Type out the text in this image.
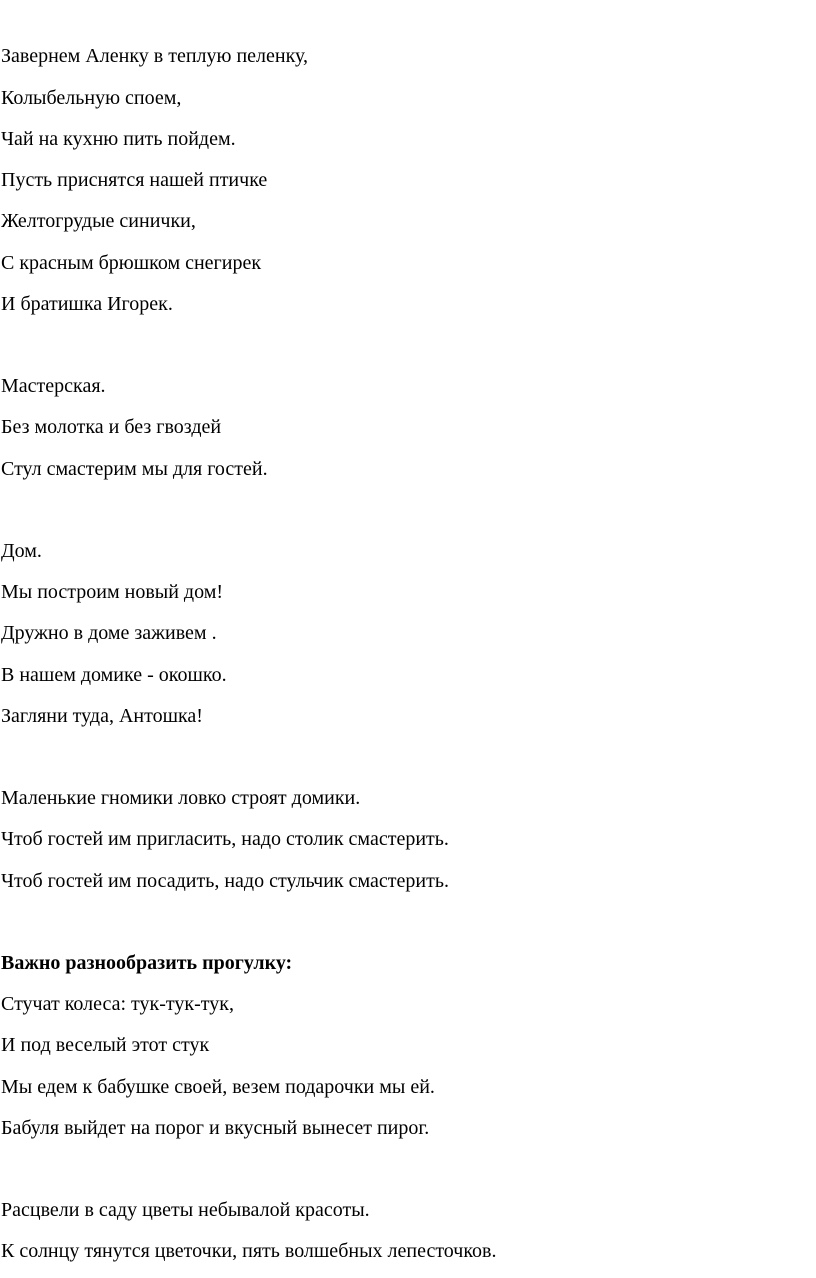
Завернем Аленку в теплую пеленку,
Колыбельную споем,
Чай на кухню пить пойдем.
Пусть приснятся нашей птичке
Желтогрудые синички,
С красным брюшком снегирек
И братишка Игорек.
Мастерская.
Без молотка и без гвоздей
Стул смастерим мы для гостей.
Дом.
Мы построим новый дом!
Дружно в доме заживем .
В нашем домике - окошко.
Загляни туда, Антошка!
Маленькие гномики ловко строят домики.
Чтоб гостей им пригласить, надо столик смастерить.
Чтоб гостей им посадить, надо стульчик смастерить.
Важно разнообразить прогулку:
Стучат колеса: тук-тук-тук,
И под веселый этот стук
Мы едем к бабушке своей, везем подарочки мы ей.
Бабуля выйдет на порог и вкусный вынесет пирог.
Расцвели в саду цветы небывалой красоты.
К солнцу тянутся цветочки, пять волшебных лепесточков.
